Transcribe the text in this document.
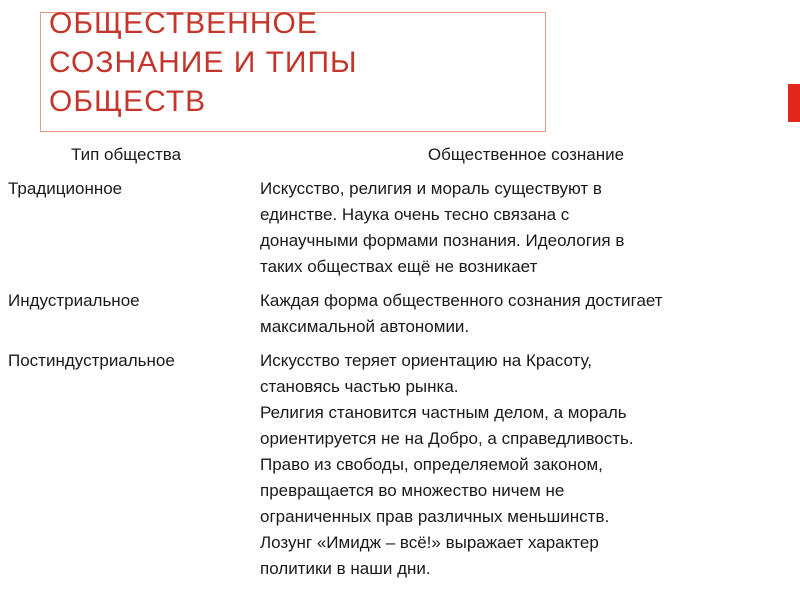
ОБЩЕСТВЕННОЕ
СОЗНАНИЕ И ТИПЫ
ОБЩЕСТВ
Тип общества	Общественное сознание
Традиционное	Искусство, религия и мораль существуют в
единстве. Наука очень тесно связана с
донаучными формами познания. Идеология в
таких обществах ещё не возникает
Индустриальное	Каждая форма общественного сознания достигает
максимальной автономии.
Постиндустриальное	Искусство теряет ориентацию на Красоту,
становясь частью рынка.
Религия становится частным делом, а мораль
ориентируется не на Добро, а справедливость.
Право из свободы, определяемой законом,
превращается во множество ничем не
ограниченных прав различных меньшинств.
Лозунг «Имидж – всё!» выражает характер
политики в наши дни.
